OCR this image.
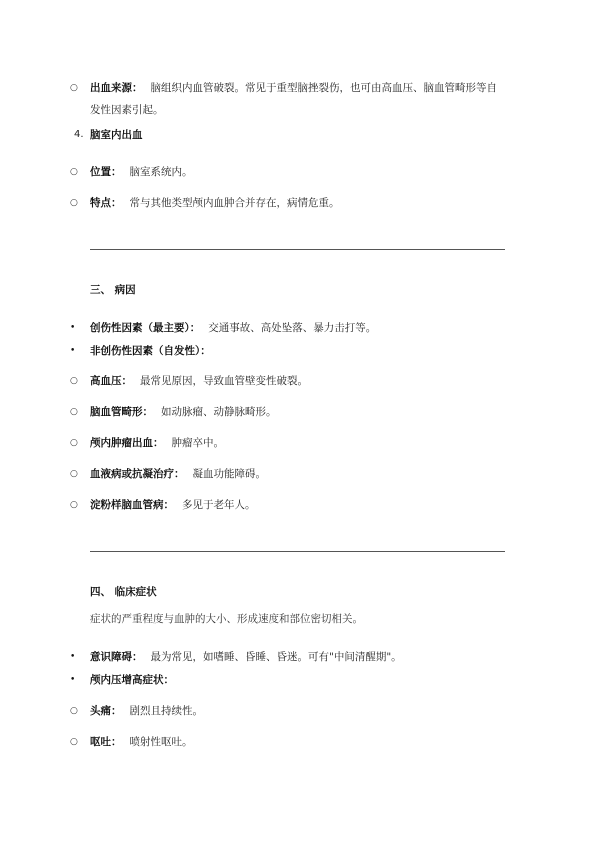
○	出血来源： 脑组织内血管破裂。常见于重型脑挫裂伤，也可由高血压、脑血管畸形等自发性因素引起。
4. 脑室内出血
○	位置： 脑室系统内。
○	特点： 常与其他类型颅内血肿合并存在，病情危重。
三、 病因
•	创伤性因素（最主要）： 交通事故、高处坠落、暴力击打等。
•	非创伤性因素（自发性）：
○	高血压： 最常见原因，导致血管壁变性破裂。
○	脑血管畸形： 如动脉瘤、动静脉畸形。
○	颅内肿瘤出血： 肿瘤卒中。
○	血液病或抗凝治疗： 凝血功能障碍。
○	淀粉样脑血管病： 多见于老年人。
四、 临床症状
症状的严重程度与血肿的大小、形成速度和部位密切相关。
•	意识障碍： 最为常见，如嗜睡、昏睡、昏迷。可有"中间清醒期"。
•	颅内压增高症状：
○	头痛： 剧烈且持续性。
○	呕吐： 喷射性呕吐。
